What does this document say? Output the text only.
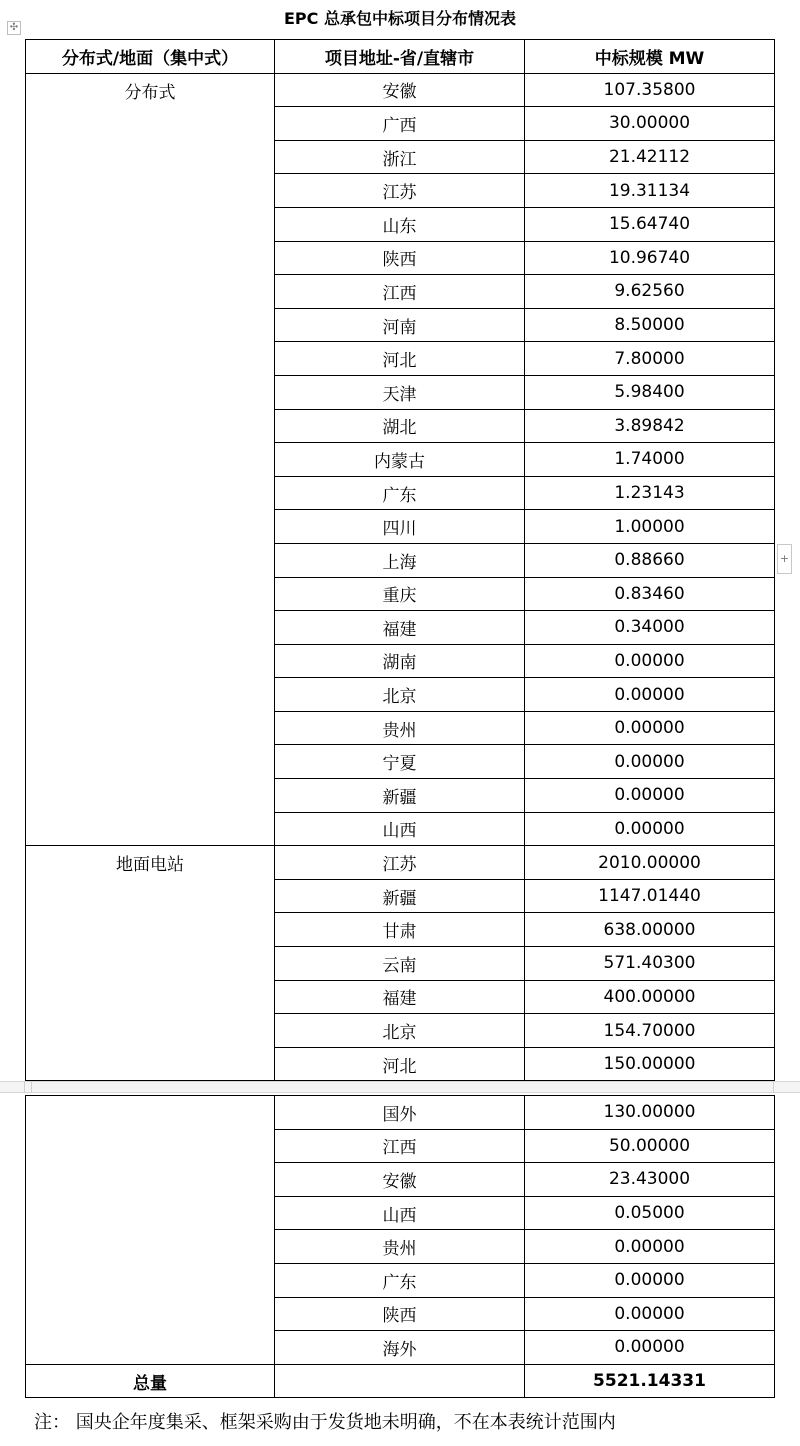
✣	EPC 总承包中标项目分布情况表
分布式/地面（集中式）	项目地址-省/直辖市	中标规模 MW
分布式	安徽	107.35800
	广西	30.00000
	浙江	21.42112
	江苏	19.31134
	山东	15.64740
	陕西	10.96740
	江西	9.62560
	河南	8.50000
	河北	7.80000
	天津	5.98400
	湖北	3.89842
	内蒙古	1.74000
	广东	1.23143
	四川	1.00000
	上海	0.88660
	重庆	0.83460
	福建	0.34000
	湖南	0.00000
	北京	0.00000
	贵州	0.00000
	宁夏	0.00000
	新疆	0.00000
	山西	0.00000
地面电站	江苏	2010.00000
	新疆	1147.01440
	甘肃	638.00000
	云南	571.40300
	福建	400.00000
	北京	154.70000
	河北	150.00000
+
	国外	130.00000
	江西	50.00000
	安徽	23.43000
	山西	0.05000
	贵州	0.00000
	广东	0.00000
	陕西	0.00000
	海外	0.00000
总量		5521.14331
注： 国央企年度集采、框架采购由于发货地未明确，不在本表统计范围内
